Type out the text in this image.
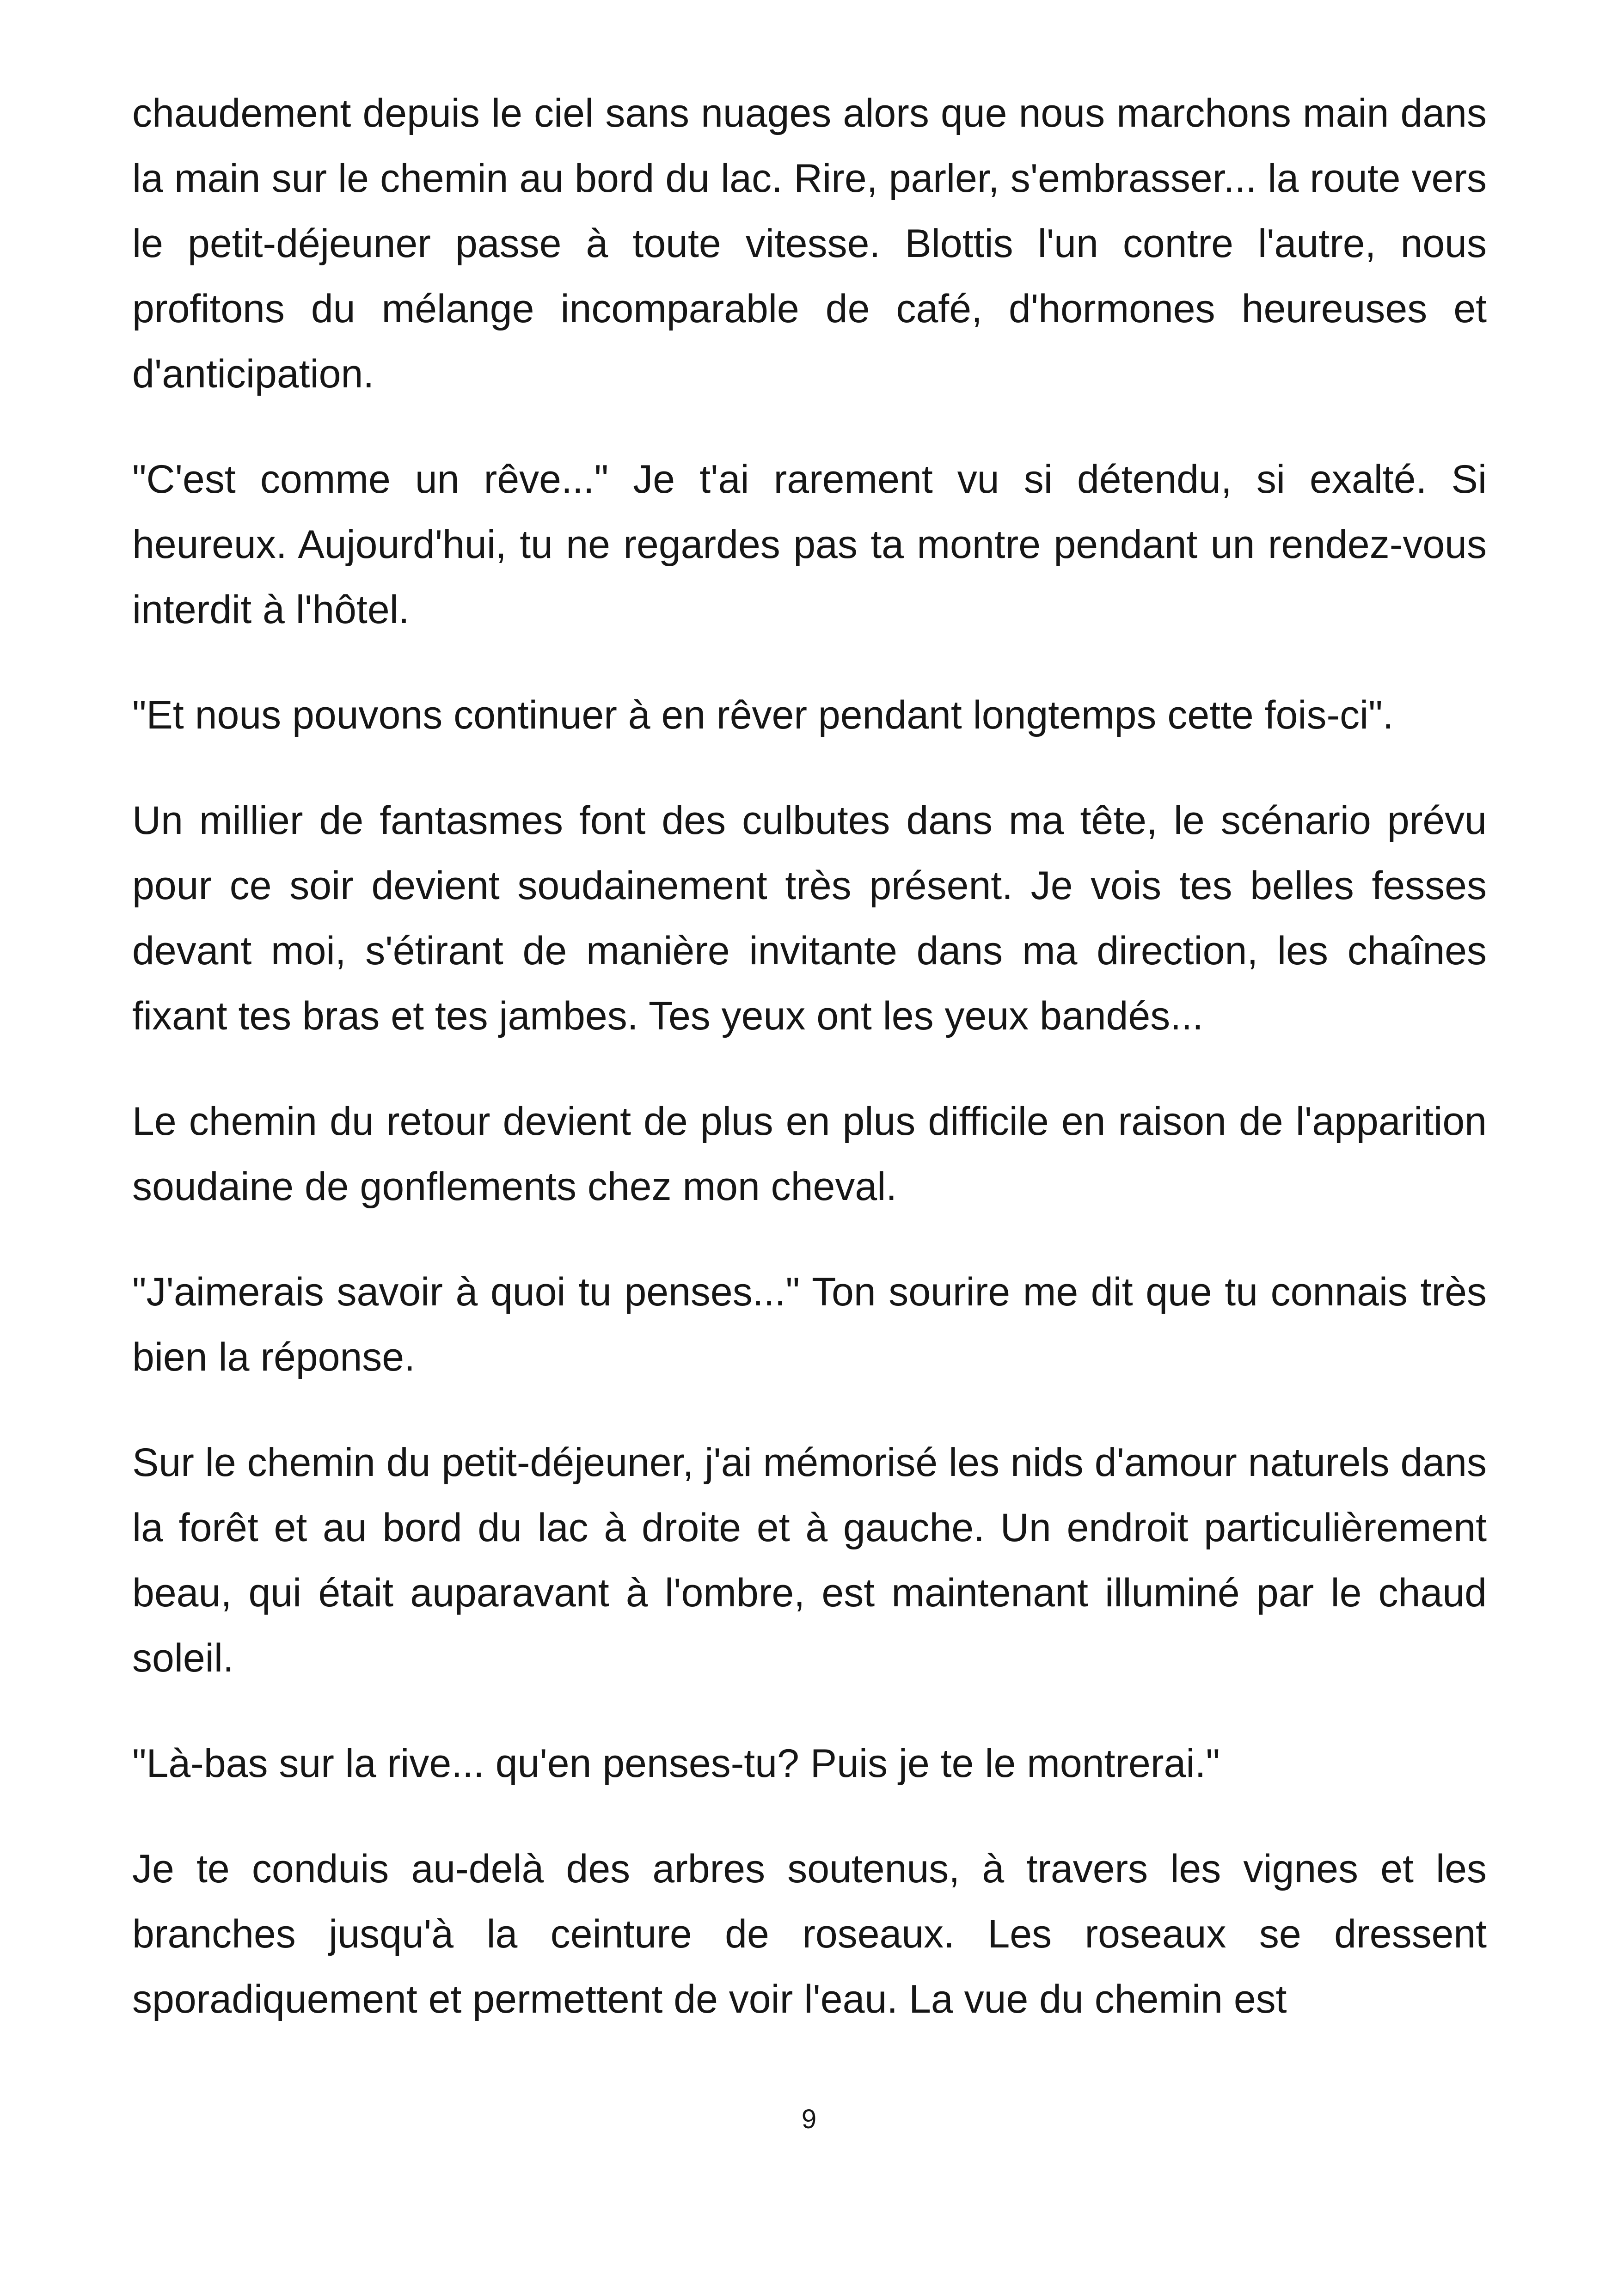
chaudement depuis le ciel sans nuages alors que nous marchons main dans la main sur le chemin au bord du lac. Rire, parler, s'embrasser... la route vers le petit-déjeuner passe à toute vitesse. Blottis l'un contre l'autre, nous profitons du mélange incomparable de café, d'hormones heureuses et d'anticipation.

"C'est comme un rêve..." Je t'ai rarement vu si détendu, si exalté. Si heureux. Aujourd'hui, tu ne regardes pas ta montre pendant un rendez-vous interdit à l'hôtel.

"Et nous pouvons continuer à en rêver pendant longtemps cette fois-ci".

Un millier de fantasmes font des culbutes dans ma tête, le scénario prévu pour ce soir devient soudainement très présent. Je vois tes belles fesses devant moi, s'étirant de manière invitante dans ma direction, les chaînes fixant tes bras et tes jambes. Tes yeux ont les yeux bandés...

Le chemin du retour devient de plus en plus difficile en raison de l'apparition soudaine de gonflements chez mon cheval.

"J'aimerais savoir à quoi tu penses..." Ton sourire me dit que tu connais très bien la réponse.

Sur le chemin du petit-déjeuner, j'ai mémorisé les nids d'amour naturels dans la forêt et au bord du lac à droite et à gauche. Un endroit particulièrement beau, qui était auparavant à l'ombre, est maintenant illuminé par le chaud soleil.

"Là-bas sur la rive... qu'en penses-tu? Puis je te le montrerai."

Je te conduis au-delà des arbres soutenus, à travers les vignes et les branches jusqu'à la ceinture de roseaux. Les roseaux se dressent sporadiquement et permettent de voir l'eau. La vue du chemin est

9
